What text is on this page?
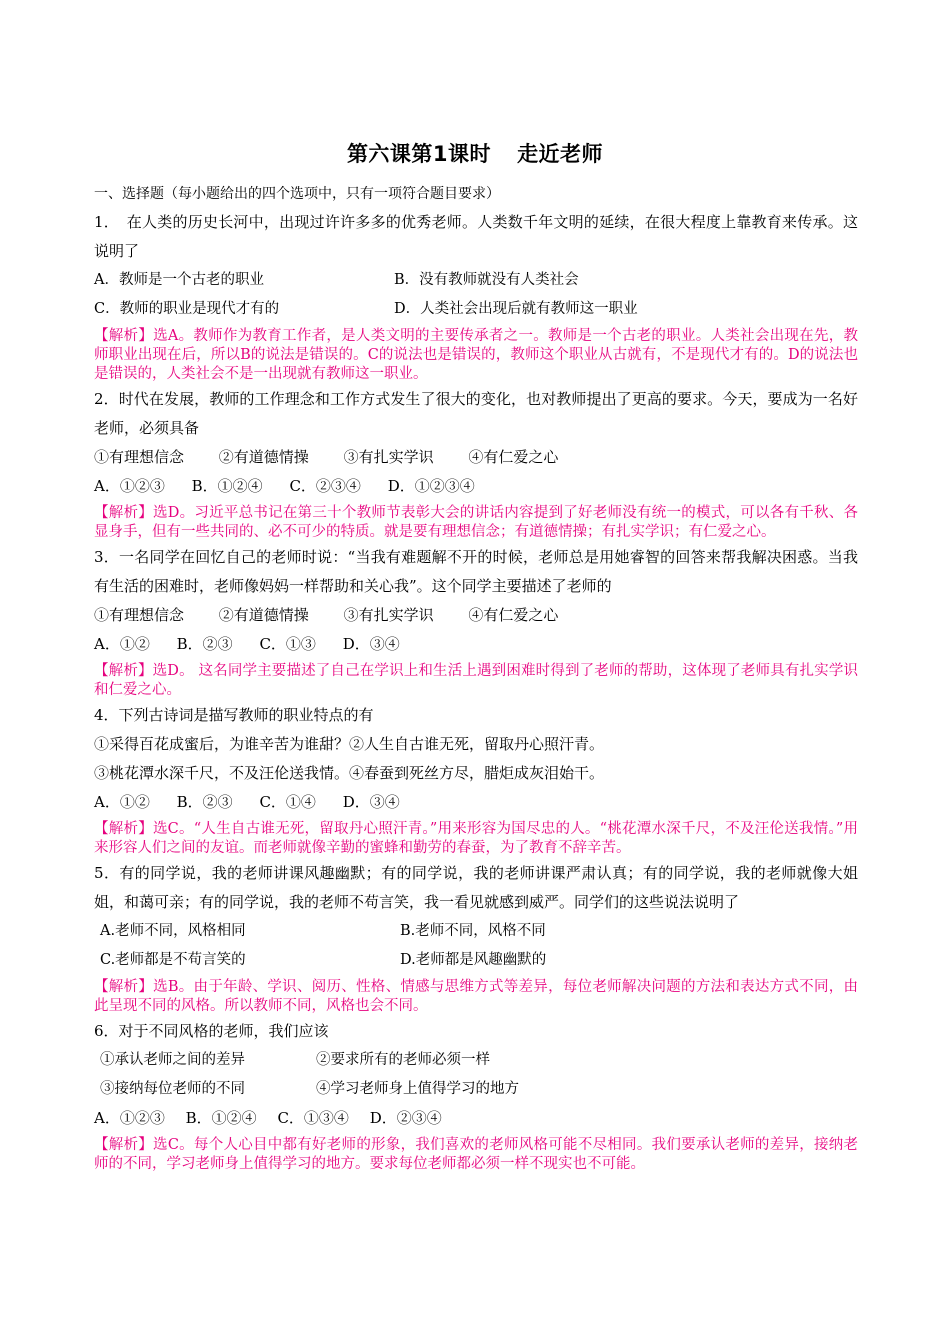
第六课第1课时 走近老师
一、选择题（每小题给出的四个选项中，只有一项符合题目要求）
1．　在人类的历史长河中，出现过许许多多的优秀老师。人类数千年文明的延续，在很大程度上靠教育来传承。这说明了
A．教师是一个古老的职业	B．没有教师就没有人类社会
C．教师的职业是现代才有的	D．人类社会出现后就有教师这一职业
【解析】选A。教师作为教育工作者，是人类文明的主要传承者之一。教师是一个古老的职业。人类社会出现在先，教师职业出现在后，所以B的说法是错误的。C的说法也是错误的，教师这个职业从古就有，不是现代才有的。D的说法也是错误的，人类社会不是一出现就有教师这一职业。
2．时代在发展，教师的工作理念和工作方式发生了很大的变化，也对教师提出了更高的要求。今天，要成为一名好老师，必须具备
①有理想信念 ②有道德情操 ③有扎实学识 ④有仁爱之心
A．①②③ B．①②④ C．②③④ D．①②③④
【解析】选D。习近平总书记在第三十个教师节表彰大会的讲话内容提到了好老师没有统一的模式，可以各有千秋、各显身手，但有一些共同的、必不可少的特质。就是要有理想信念；有道德情操；有扎实学识；有仁爱之心。
3．一名同学在回忆自己的老师时说：“当我有难题解不开的时候，老师总是用她睿智的回答来帮我解决困惑。当我有生活的困难时，老师像妈妈一样帮助和关心我”。这个同学主要描述了老师的
①有理想信念 ②有道德情操 ③有扎实学识 ④有仁爱之心
A．①② B．②③ C．①③ D．③④
【解析】选D。 这名同学主要描述了自己在学识上和生活上遇到困难时得到了老师的帮助，这体现了老师具有扎实学识和仁爱之心。
4．下列古诗词是描写教师的职业特点的有
①采得百花成蜜后，为谁辛苦为谁甜？②人生自古谁无死，留取丹心照汗青。
③桃花潭水深千尺，不及汪伦送我情。④春蚕到死丝方尽，腊炬成灰泪始干。
A．①② B．②③ C．①④ D．③④
【解析】选C。“人生自古谁无死，留取丹心照汗青。”用来形容为国尽忠的人。“桃花潭水深千尺，不及汪伦送我情。”用来形容人们之间的友谊。而老师就像辛勤的蜜蜂和勤劳的春蚕，为了教育不辞辛苦。
5．有的同学说，我的老师讲课风趣幽默；有的同学说，我的老师讲课严肃认真；有的同学说，我的老师就像大姐姐，和蔼可亲；有的同学说，我的老师不苟言笑，我一看见就感到威严。同学们的这些说法说明了
A.老师不同，风格相同	B.老师不同，风格不同
C.老师都是不苟言笑的	D.老师都是风趣幽默的
【解析】选B。由于年龄、学识、阅历、性格、情感与思维方式等差异，每位老师解决问题的方法和表达方式不同，由此呈现不同的风格。所以教师不同，风格也会不同。
6．对于不同风格的老师，我们应该
①承认老师之间的差异	②要求所有的老师必须一样
③接纳每位老师的不同	④学习老师身上值得学习的地方
A．①②③ B．①②④ C．①③④ D．②③④
【解析】选C。每个人心目中都有好老师的形象，我们喜欢的老师风格可能不尽相同。我们要承认老师的差异，接纳老师的不同，学习老师身上值得学习的地方。要求每位老师都必须一样不现实也不可能。
